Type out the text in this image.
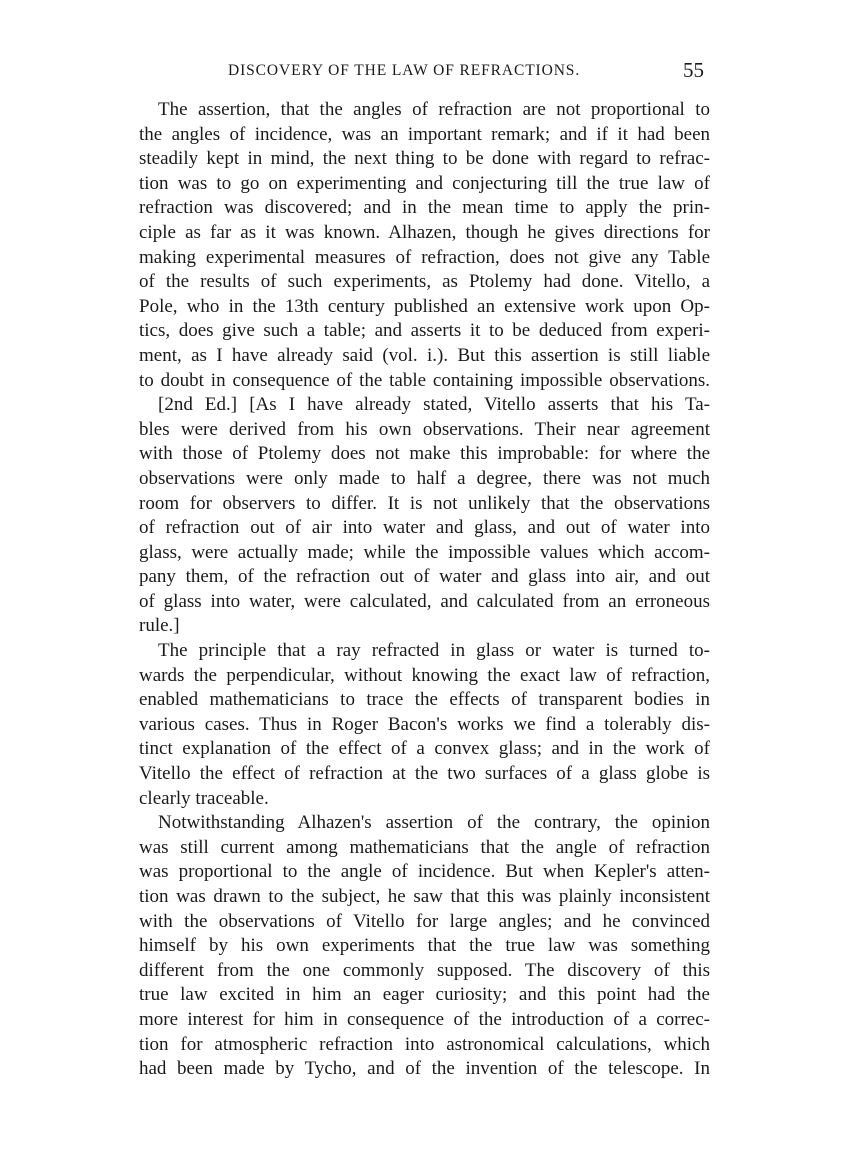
DISCOVERY OF THE LAW OF REFRACTIONS.	55

The assertion, that the angles of refraction are not proportional to
the angles of incidence, was an important remark; and if it had been
steadily kept in mind, the next thing to be done with regard to refrac-
tion was to go on experimenting and conjecturing till the true law of
refraction was discovered; and in the mean time to apply the prin-
ciple as far as it was known. Alhazen, though he gives directions for
making experimental measures of refraction, does not give any Table
of the results of such experiments, as Ptolemy had done. Vitello, a
Pole, who in the 13th century published an extensive work upon Op-
tics, does give such a table; and asserts it to be deduced from experi-
ment, as I have already said (vol. i.). But this assertion is still liable
to doubt in consequence of the table containing impossible observations.

[2nd Ed.] [As I have already stated, Vitello asserts that his Ta-
bles were derived from his own observations. Their near agreement
with those of Ptolemy does not make this improbable: for where the
observations were only made to half a degree, there was not much
room for observers to differ. It is not unlikely that the observations
of refraction out of air into water and glass, and out of water into
glass, were actually made; while the impossible values which accom-
pany them, of the refraction out of water and glass into air, and out
of glass into water, were calculated, and calculated from an erroneous
rule.]

The principle that a ray refracted in glass or water is turned to-
wards the perpendicular, without knowing the exact law of refraction,
enabled mathematicians to trace the effects of transparent bodies in
various cases. Thus in Roger Bacon's works we find a tolerably dis-
tinct explanation of the effect of a convex glass; and in the work of
Vitello the effect of refraction at the two surfaces of a glass globe is
clearly traceable.

Notwithstanding Alhazen's assertion of the contrary, the opinion
was still current among mathematicians that the angle of refraction
was proportional to the angle of incidence. But when Kepler's atten-
tion was drawn to the subject, he saw that this was plainly inconsistent
with the observations of Vitello for large angles; and he convinced
himself by his own experiments that the true law was something
different from the one commonly supposed. The discovery of this
true law excited in him an eager curiosity; and this point had the
more interest for him in consequence of the introduction of a correc-
tion for atmospheric refraction into astronomical calculations, which
had been made by Tycho, and of the invention of the telescope. In
